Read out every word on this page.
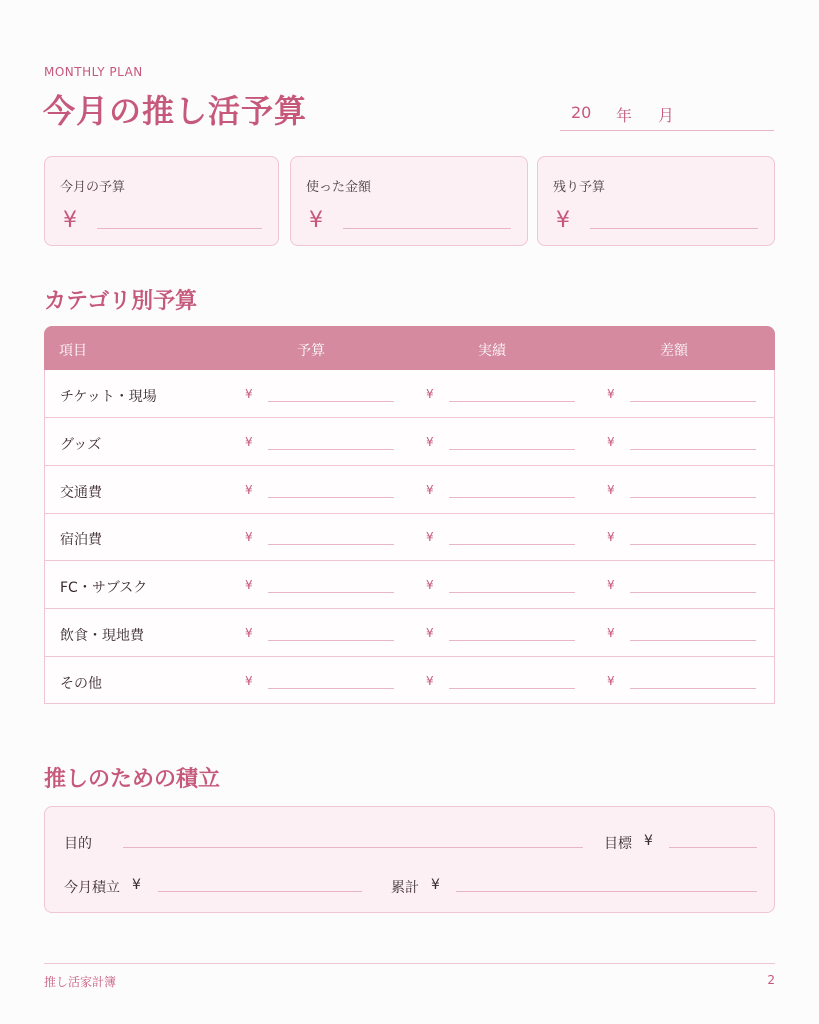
MONTHLY PLAN
今月の推し活予算	20 年 月
今月の予算
¥
使った金額
¥
残り予算
¥
カテゴリ別予算
項目	予算	実績	差額
チケット・現場	¥	¥	¥
グッズ	¥	¥	¥
交通費	¥	¥	¥
宿泊費	¥	¥	¥
FC・サブスク	¥	¥	¥
飲食・現地費	¥	¥	¥
その他	¥	¥	¥
推しのための積立
目的	目標 ¥
今月積立 ¥	累計 ¥
推し活家計簿	2
